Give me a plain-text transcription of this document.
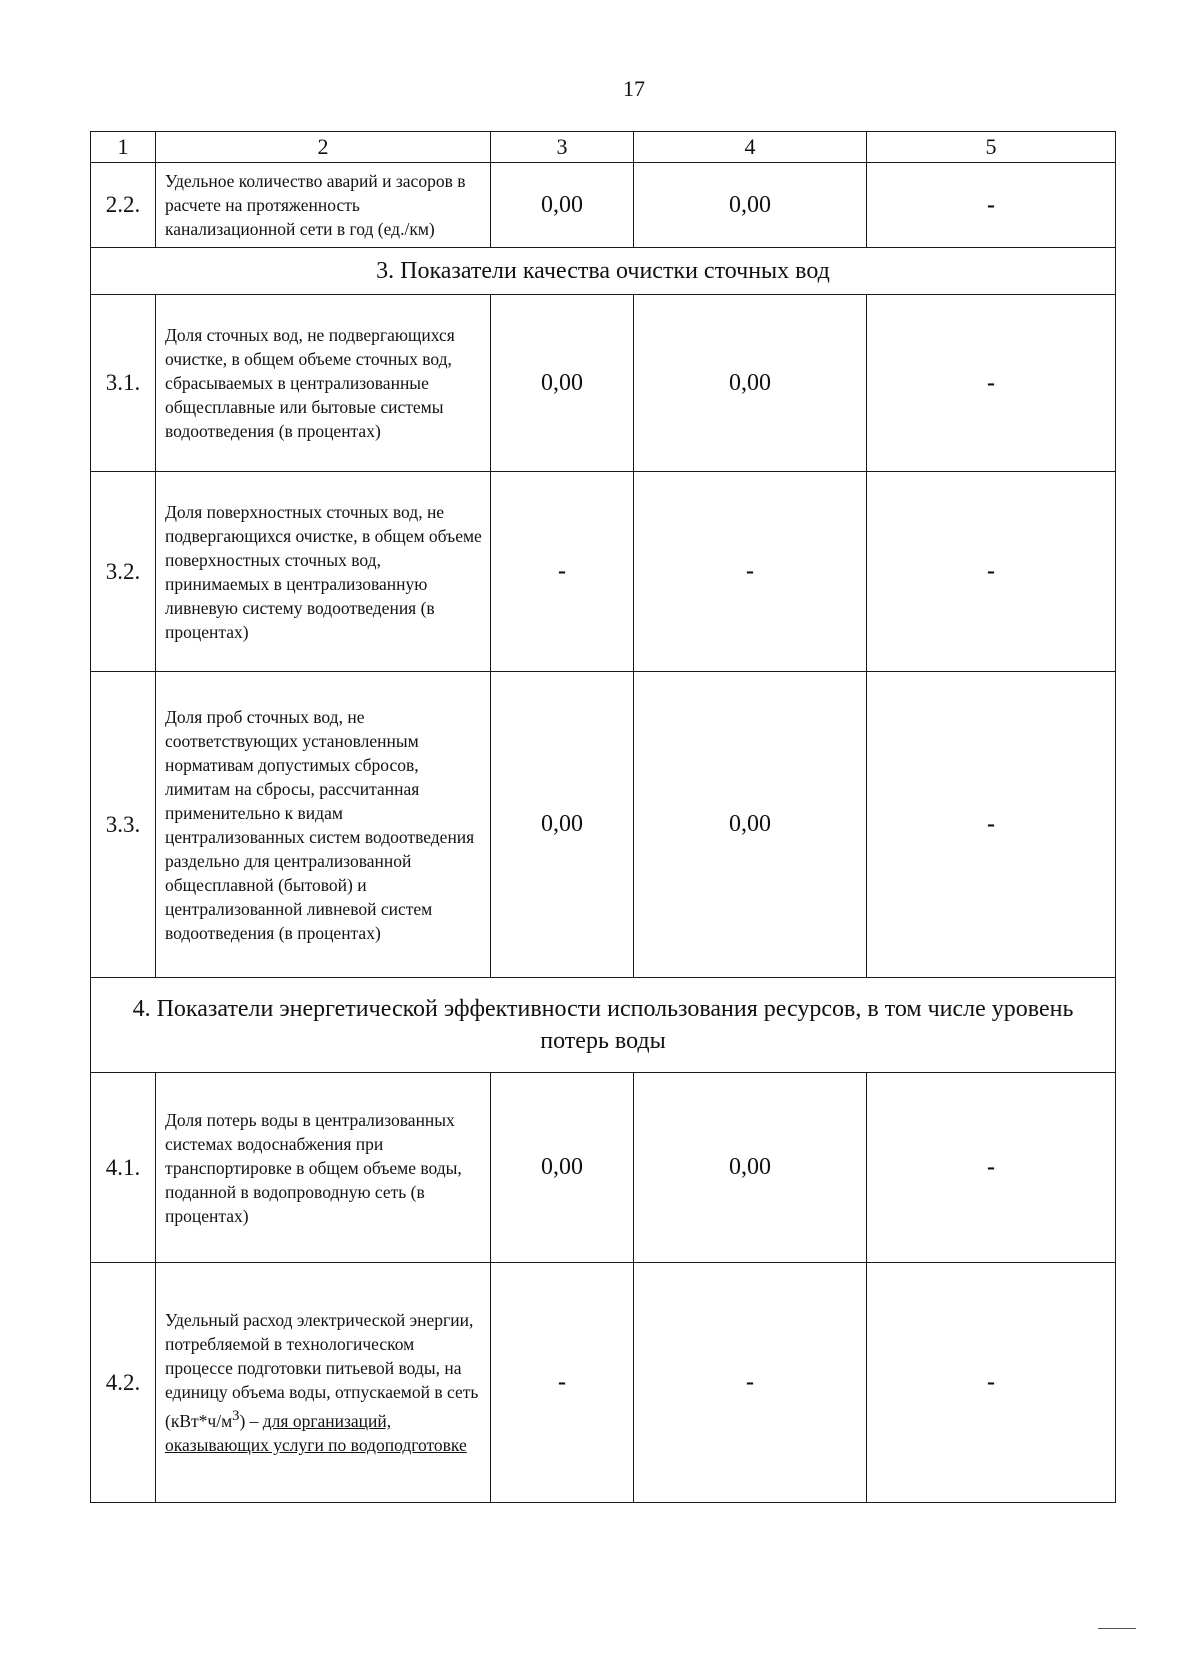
17
1	2	3	4	5
2.2.	Удельное количество аварий и засоров в расчете на протяженность канализационной сети в год (ед./км)	0,00	0,00	-
3. Показатели качества очистки сточных вод				
3.1.	Доля сточных вод, не подвергающихся очистке, в общем объеме сточных вод, сбрасываемых в централизованные общесплавные или бытовые системы водоотведения (в процентах)	0,00	0,00	-
3.2.	Доля поверхностных сточных вод, не подвергающихся очистке, в общем объеме поверхностных сточных вод, принимаемых в централизованную ливневую систему водоотведения (в процентах)	-	-	-
3.3.	Доля проб сточных вод, не соответствующих установленным нормативам допустимых сбросов, лимитам на сбросы, рассчитанная применительно к видам централизованных систем водоотведения раздельно для централизованной общесплавной (бытовой) и централизованной ливневой систем водоотведения (в процентах)	0,00	0,00	-
4. Показатели энергетической эффективности использования ресурсов, в том числе уровень потерь воды				
4.1.	Доля потерь воды в централизованных системах водоснабжения при транспортировке в общем объеме воды, поданной в водопроводную сеть (в процентах)	0,00	0,00	-
4.2.	Удельный расход электрической энергии, потребляемой в технологическом процессе подготовки питьевой воды, на единицу объема воды, отпускаемой в сеть $(кВт*ч/м^3)$ – для организаций, оказывающих услуги по водоподготовке	-	-	-
